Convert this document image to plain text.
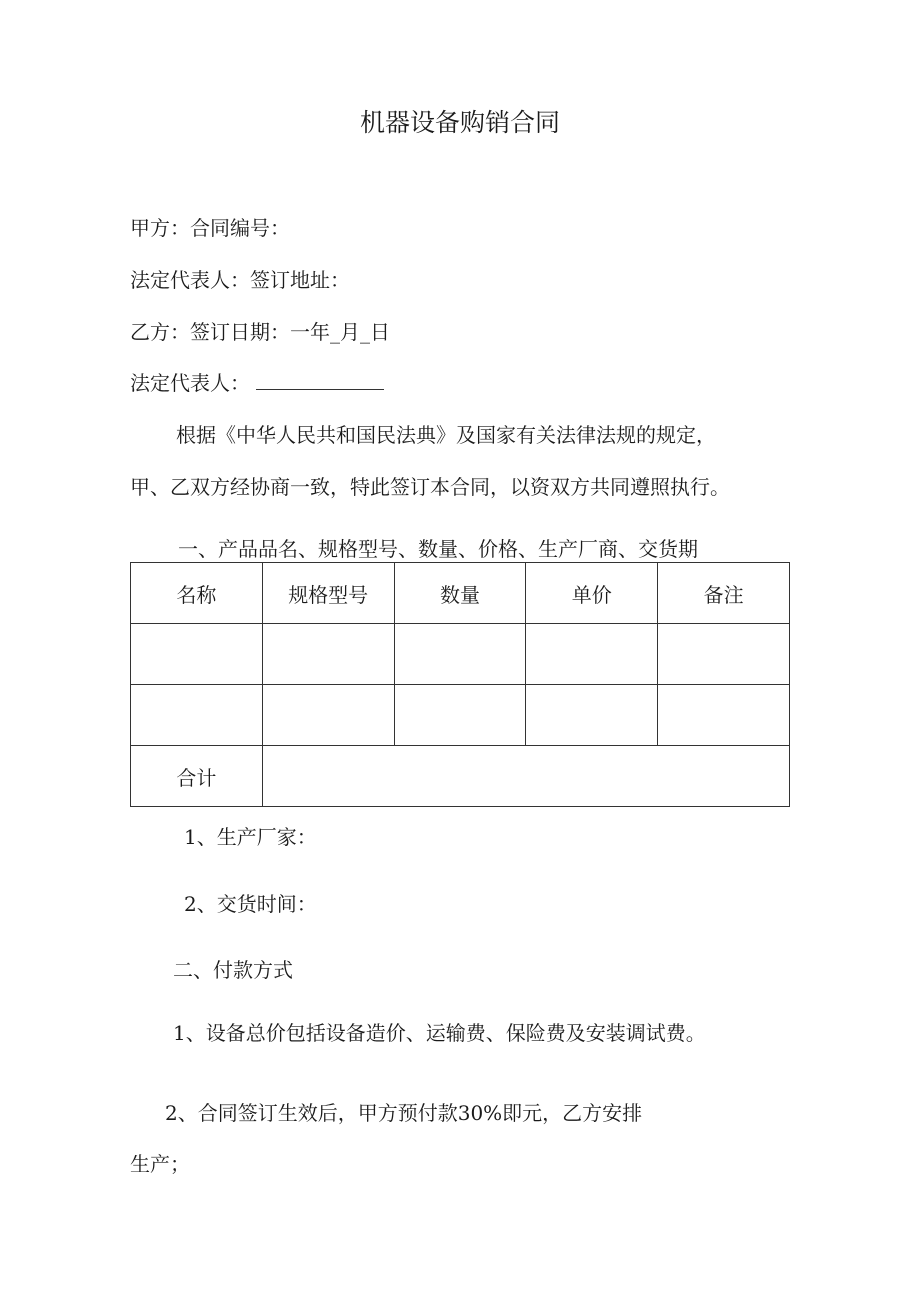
机器设备购销合同
甲方：合同编号：
法定代表人：签订地址：
乙方：签订日期：一年_月_日
法定代表人：
根据《中华人民共和国民法典》及国家有关法律法规的规定，
甲、乙双方经协商一致，特此签订本合同，以资双方共同遵照执行。
一、产品品名、规格型号、数量、价格、生产厂商、交货期
名称	规格型号	数量	单价	备注

合计				
1、生产厂家：
2、交货时间：
二、付款方式
1、设备总价包括设备造价、运输费、保险费及安装调试费。
2、合同签订生效后，甲方预付款30%即元，乙方安排
生产；
